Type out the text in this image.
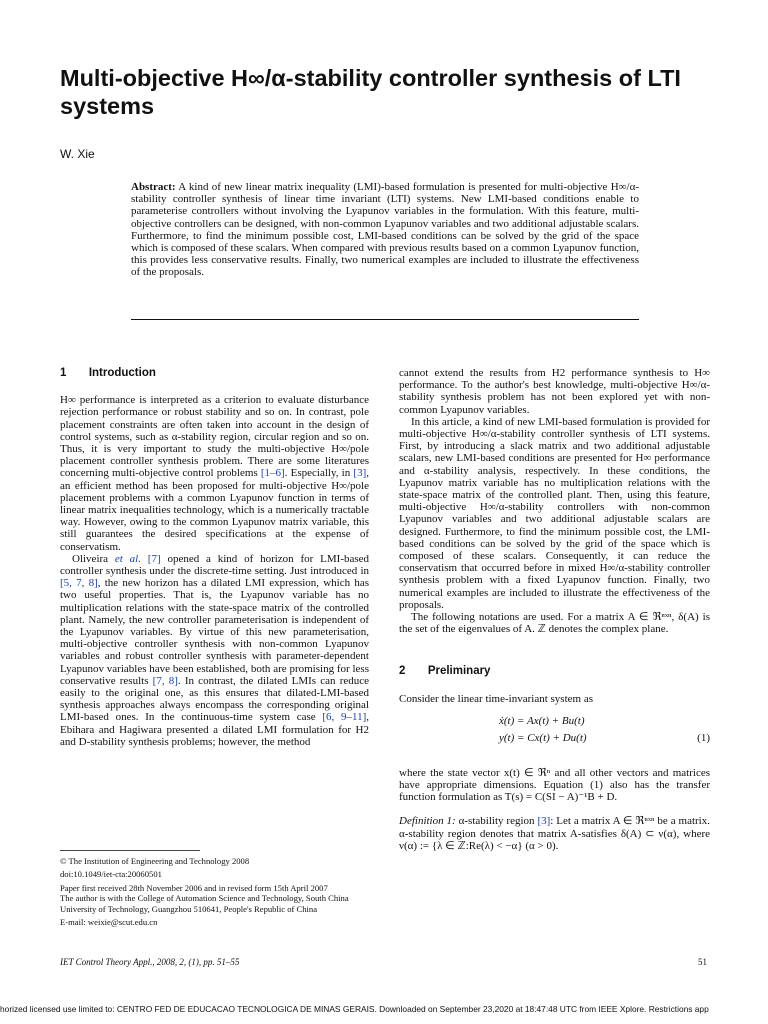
Multi-objective H∞/α-stability controller synthesis of LTI systems
W. Xie
Abstract: A kind of new linear matrix inequality (LMI)-based formulation is presented for multi-objective H∞/α-stability controller synthesis of linear time invariant (LTI) systems. New LMI-based conditions enable to parameterise controllers without involving the Lyapunov variables in the formulation. With this feature, multi-objective controllers can be designed, with non-common Lyapunov variables and two additional adjustable scalars. Furthermore, to find the minimum possible cost, LMI-based conditions can be solved by the grid of the space which is composed of these scalars. When compared with previous results based on a common Lyapunov function, this provides less conservative results. Finally, two numerical examples are included to illustrate the effectiveness of the proposals.
1 Introduction

H∞ performance is interpreted as a criterion to evaluate disturbance rejection performance or robust stability and so on. In contrast, pole placement constraints are often taken into account in the design of control systems, such as α-stability region, circular region and so on. Thus, it is very important to study the multi-objective H∞/pole placement controller synthesis problem. There are some literatures concerning multi-objective control problems [1–6]. Especially, in [3], an efficient method has been proposed for multi-objective H∞/pole placement problems with a common Lyapunov function in terms of linear matrix inequalities technology, which is a numerically tractable way. However, owing to the common Lyapunov matrix variable, this still guarantees the desired specifications at the expense of conservatism.

Oliveira et al. [7] opened a kind of horizon for LMI-based controller synthesis under the discrete-time setting. Just introduced in [5, 7, 8], the new horizon has a dilated LMI expression, which has two useful properties. That is, the Lyapunov variable has no multiplication relations with the state-space matrix of the controlled plant. Namely, the new controller parameterisation is independent of the Lyapunov variables. By virtue of this new parameterisation, multi-objective controller synthesis with non-common Lyapunov variables and robust controller synthesis with parameter-dependent Lyapunov variables have been established, both are promising for less conservative results [7, 8]. In contrast, the dilated LMIs can reduce easily to the original one, as this ensures that dilated-LMI-based synthesis approaches always encompass the corresponding original LMI-based ones. In the continuous-time system case [6, 9–11], Ebihara and Hagiwara presented a dilated LMI formulation for H2 and D-stability synthesis problems; however, the method

© The Institution of Engineering and Technology 2008
doi:10.1049/iet-cta:20060501
Paper first received 28th November 2006 and in revised form 15th April 2007
The author is with the College of Automation Science and Technology, South China University of Technology, Guangzhou 510641, People's Republic of China
E-mail: weixie@scut.edu.cn

cannot extend the results from H2 performance synthesis to H∞ performance. To the author's best knowledge, multi-objective H∞/α-stability synthesis problem has not been explored yet with non-common Lyapunov variables.

In this article, a kind of new LMI-based formulation is provided for multi-objective H∞/α-stability controller synthesis of LTI systems. First, by introducing a slack matrix and two additional adjustable scalars, new LMI-based conditions are presented for H∞ performance and α-stability analysis, respectively. In these conditions, the Lyapunov matrix variable has no multiplication relations with the state-space matrix of the controlled plant. Then, using this feature, multi-objective H∞/α-stability controllers with non-common Lyapunov variables and two additional adjustable scalars are designed. Furthermore, to find the minimum possible cost, the LMI-based conditions can be solved by the grid of the space which is composed of these scalars. Consequently, it can reduce the conservatism that occurred before in mixed H∞/α-stability controller synthesis problem with a fixed Lyapunov function. Finally, two numerical examples are included to illustrate the effectiveness of the proposals.

The following notations are used. For a matrix A ∈ ℜⁿˣⁿ, δ(A) is the set of the eigenvalues of A. ℤ denotes the complex plane.

2 Preliminary

Consider the linear time-invariant system as

ẋ(t) = Ax(t) + Bu(t)
y(t) = Cx(t) + Du(t)	(1)

where the state vector x(t) ∈ ℜⁿ and all other vectors and matrices have appropriate dimensions. Equation (1) also has the transfer function formulation as T(s) = C(SI − A)⁻¹B + D.

Definition 1: α-stability region [3]: Let a matrix A ∈ ℜⁿˣⁿ be a matrix. α-stability region denotes that matrix A-satisfies δ(A) ⊂ ν(α), where ν(α) := {λ ∈ ℤ:Re(λ) < −α} (α > 0).

IET Control Theory Appl., 2008, 2, (1), pp. 51–55	51
horized licensed use limited to: CENTRO FED DE EDUCACAO TECNOLOGICA DE MINAS GERAIS. Downloaded on September 23,2020 at 18:47:48 UTC from IEEE Xplore. Restrictions app
